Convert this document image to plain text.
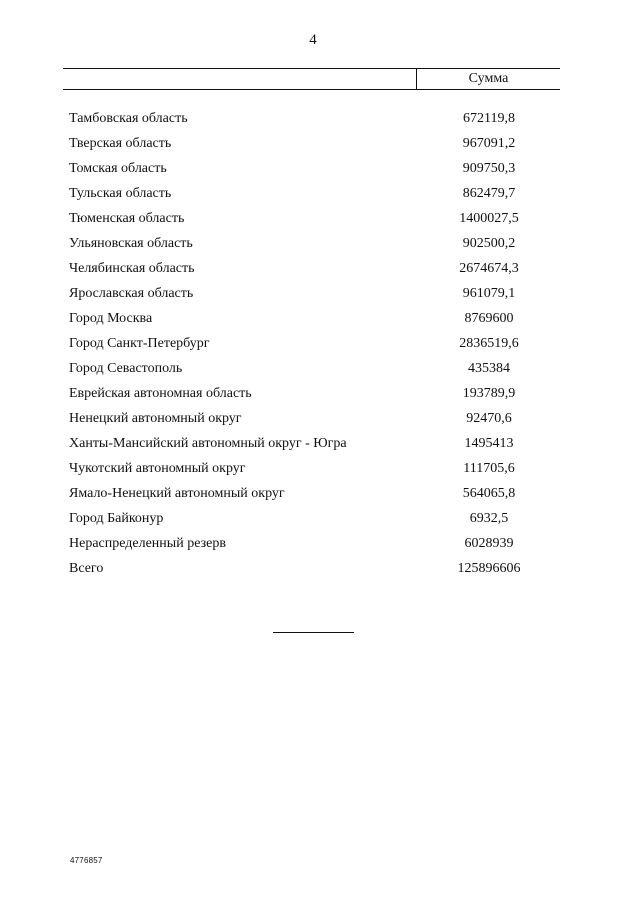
4
Сумма
Тамбовская область	672119,8
Тверская область	967091,2
Томская область	909750,3
Тульская область	862479,7
Тюменская область	1400027,5
Ульяновская область	902500,2
Челябинская область	2674674,3
Ярославская область	961079,1
Город Москва	8769600
Город Санкт-Петербург	2836519,6
Город Севастополь	435384
Еврейская автономная область	193789,9
Ненецкий автономный округ	92470,6
Ханты-Мансийский автономный округ - Югра	1495413
Чукотский автономный округ	111705,6
Ямало-Ненецкий автономный округ	564065,8
Город Байконур	6932,5
Нераспределенный резерв	6028939
Всего	125896606
4776857
